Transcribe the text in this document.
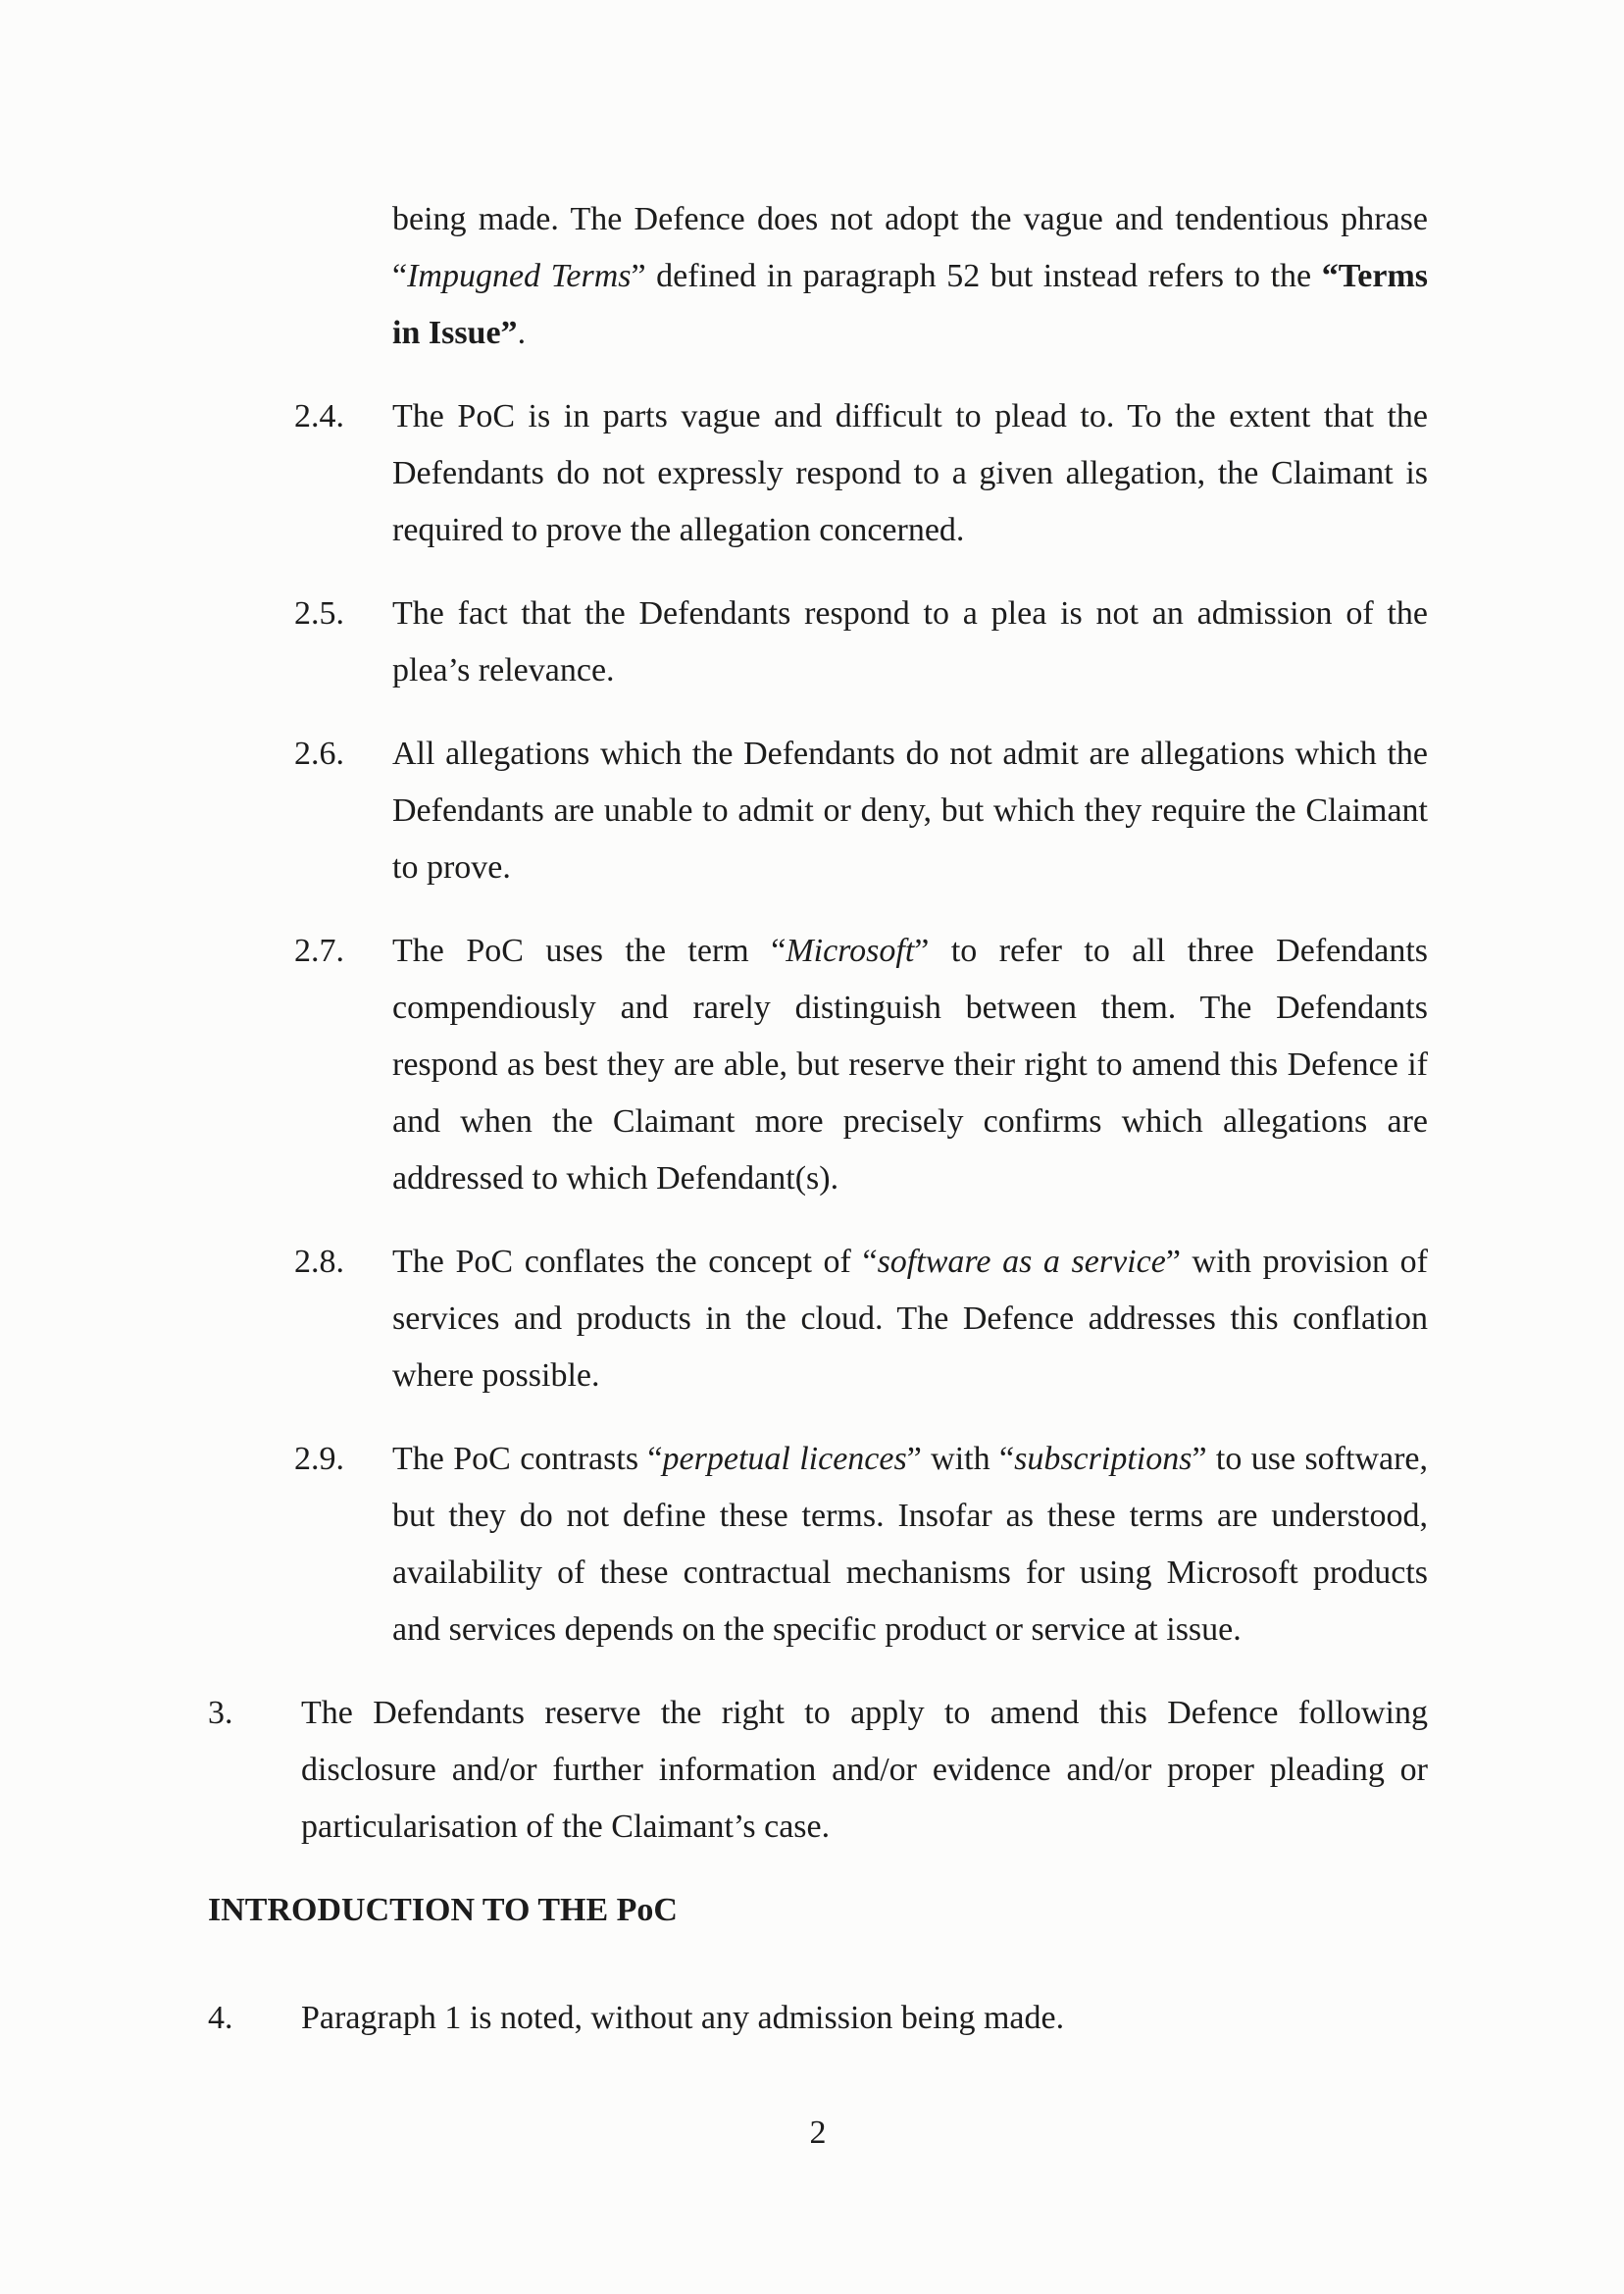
being made. The Defence does not adopt the vague and tendentious phrase “Impugned Terms” defined in paragraph 52 but instead refers to the “Terms in Issue”.
2.4. The PoC is in parts vague and difficult to plead to. To the extent that the Defendants do not expressly respond to a given allegation, the Claimant is required to prove the allegation concerned.
2.5. The fact that the Defendants respond to a plea is not an admission of the plea’s relevance.
2.6. All allegations which the Defendants do not admit are allegations which the Defendants are unable to admit or deny, but which they require the Claimant to prove.
2.7. The PoC uses the term “Microsoft” to refer to all three Defendants compendiously and rarely distinguish between them. The Defendants respond as best they are able, but reserve their right to amend this Defence if and when the Claimant more precisely confirms which allegations are addressed to which Defendant(s).
2.8. The PoC conflates the concept of “software as a service” with provision of services and products in the cloud. The Defence addresses this conflation where possible.
2.9. The PoC contrasts “perpetual licences” with “subscriptions” to use software, but they do not define these terms. Insofar as these terms are understood, availability of these contractual mechanisms for using Microsoft products and services depends on the specific product or service at issue.
3. The Defendants reserve the right to apply to amend this Defence following disclosure and/or further information and/or evidence and/or proper pleading or particularisation of the Claimant’s case.
INTRODUCTION TO THE PoC
4. Paragraph 1 is noted, without any admission being made.
2
